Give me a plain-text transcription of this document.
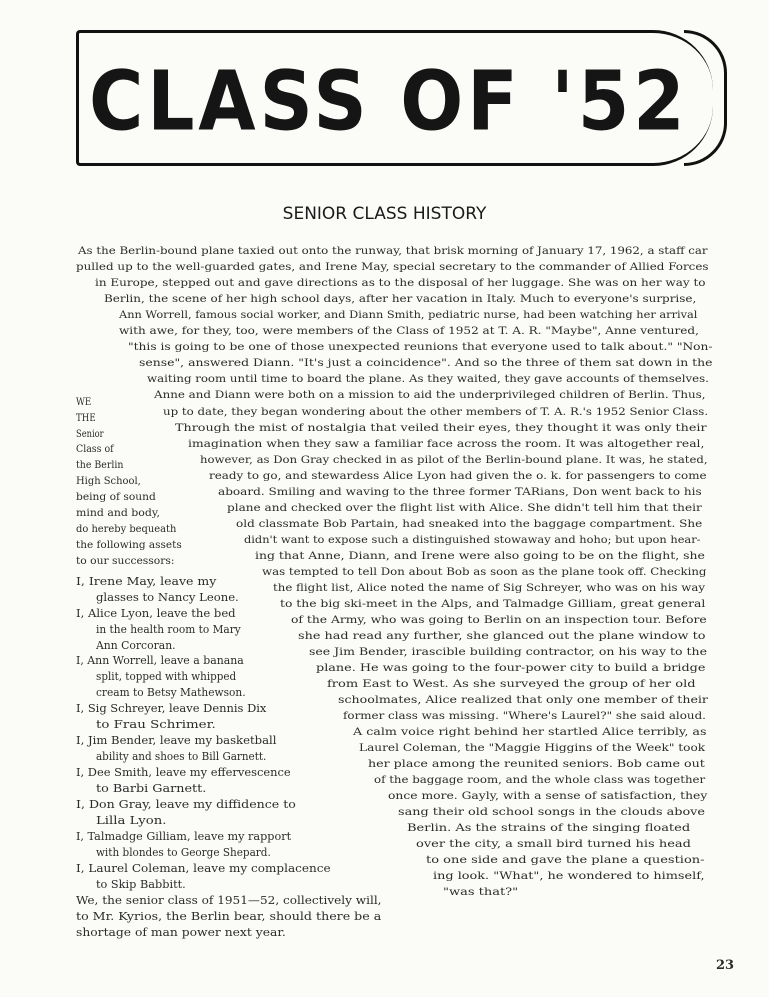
CLASS OF '52
SENIOR CLASS HISTORY
As the Berlin-bound plane taxied out onto the runway, that brisk morning of January 17, 1962, a staff car
pulled up to the well-guarded gates, and Irene May, special secretary to the commander of Allied Forces
in Europe, stepped out and gave directions as to the disposal of her luggage. She was on her way to
Berlin, the scene of her high school days, after her vacation in Italy. Much to everyone's surprise,
Ann Worrell, famous social worker, and Diann Smith, pediatric nurse, had been watching her arrival
with awe, for they, too, were members of the Class of 1952 at T. A. R. "Maybe", Anne ventured,
"this is going to be one of those unexpected reunions that everyone used to talk about." "Non-
sense", answered Diann. "It's just a coincidence". And so the three of them sat down in the
waiting room until time to board the plane. As they waited, they gave accounts of themselves.
Anne and Diann were both on a mission to aid the underprivileged children of Berlin. Thus,
up to date, they began wondering about the other members of T. A. R.'s 1952 Senior Class.
Through the mist of nostalgia that veiled their eyes, they thought it was only their
imagination when they saw a familiar face across the room. It was altogether real,
however, as Don Gray checked in as pilot of the Berlin-bound plane. It was, he stated,
ready to go, and stewardess Alice Lyon had given the o. k. for passengers to come
aboard. Smiling and waving to the three former TARians, Don went back to his
plane and checked over the flight list with Alice. She didn't tell him that their
old classmate Bob Partain, had sneaked into the baggage compartment. She
didn't want to expose such a distinguished stowaway and hoho; but upon hear-
ing that Anne, Diann, and Irene were also going to be on the flight, she
was tempted to tell Don about Bob as soon as the plane took off. Checking
the flight list, Alice noted the name of Sig Schreyer, who was on his way
to the big ski-meet in the Alps, and Talmadge Gilliam, great general
of the Army, who was going to Berlin on an inspection tour. Before
she had read any further, she glanced out the plane window to
see Jim Bender, irascible building contractor, on his way to the
plane. He was going to the four-power city to build a bridge
from East to West. As she surveyed the group of her old
schoolmates, Alice realized that only one member of their
former class was missing. "Where's Laurel?" she said aloud.
A calm voice right behind her startled Alice terribly, as
Laurel Coleman, the "Maggie Higgins of the Week" took
her place among the reunited seniors. Bob came out
of the baggage room, and the whole class was together
once more. Gayly, with a sense of satisfaction, they
sang their old school songs in the clouds above
Berlin. As the strains of the singing floated
over the city, a small bird turned his head
to one side and gave the plane a question-
ing look. "What", he wondered to himself,
"was that?"
WE
THE
Senior
Class of
the Berlin
High School,
being of sound
mind and body,
do hereby bequeath
the following assets
to our successors:
I, Irene May, leave my
glasses to Nancy Leone.
I, Alice Lyon, leave the bed
in the health room to Mary
Ann Corcoran.
I, Ann Worrell, leave a banana
split, topped with whipped
cream to Betsy Mathewson.
I, Sig Schreyer, leave Dennis Dix
to Frau Schrimer.
I, Jim Bender, leave my basketball
ability and shoes to Bill Garnett.
I, Dee Smith, leave my effervescence
to Barbi Garnett.
I, Don Gray, leave my diffidence to
Lilla Lyon.
I, Talmadge Gilliam, leave my rapport
with blondes to George Shepard.
I, Laurel Coleman, leave my complacence
to Skip Babbitt.
We, the senior class of 1951—52, collectively will,
to Mr. Kyrios, the Berlin bear, should there be a
shortage of man power next year.
23
